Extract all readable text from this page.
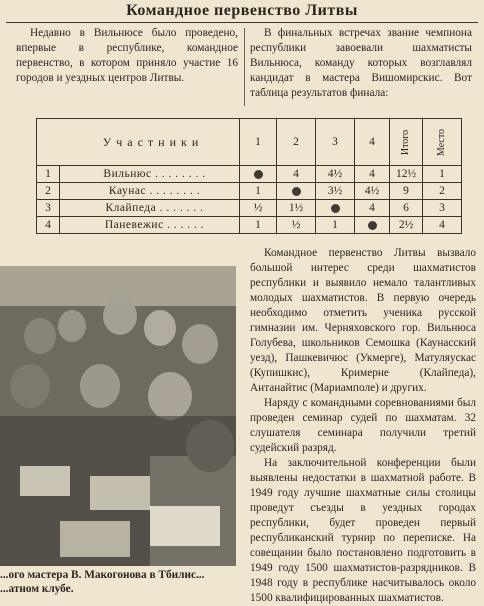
Командное первенство Литвы

Недавно в Вильнюсе было проведено, впервые в республике, командное первенство, в котором приняло участие 16 городов и уездных центров Литвы.

В финальных встречах звание чемпиона республики завоевали шахматисты Вильнюса, команду которых возглавлял кандидат в мастера Вишомирскис. Вот таблица результатов финала:

Участники		1	2	3	4	Итого	Место
1	Вильнюс . . . . . . . .		4	4½	4	12½	1
2	Каунас . . . . . . . .	1		3½	4½	9	2
3	Клайпеда . . . . . . .	½	1½		4	6	3
4	Паневежис . . . . . .	1	½	1		2½	4
...ого мастера В. Макогонова в Тбилис... ...атном клубе.

Командное первенство Литвы вызвало большой интерес среди шахматистов республики и выявило немало талантливых молодых шахматистов. В первую очередь необходимо отметить ученика русской гимназии им. Черняховского гор. Вильнюса Голубева, школьников Семошка (Каунасский уезд), Пашкевичюс (Укмерге), Матуляускас (Купишкис), Кримерне (Клайпеда), Антанайтис (Мариамполе) и других.

Наряду с командными соревнованиями был проведен семинар судей по шахматам. 32 слушателя семинара получили третий судейский разряд.

На заключительной конференции были выявлены недостатки в шахматной работе. В 1949 году лучшие шахматные силы столицы проведут съезды в уездных городах республики, будет проведен первый республиканский турнир по переписке. На совещании было постановлено подготовить в 1949 году 1500 шахматистов-разрядников. В 1948 году в республике насчитывалось около 1500 квалифицированных шахматистов.
